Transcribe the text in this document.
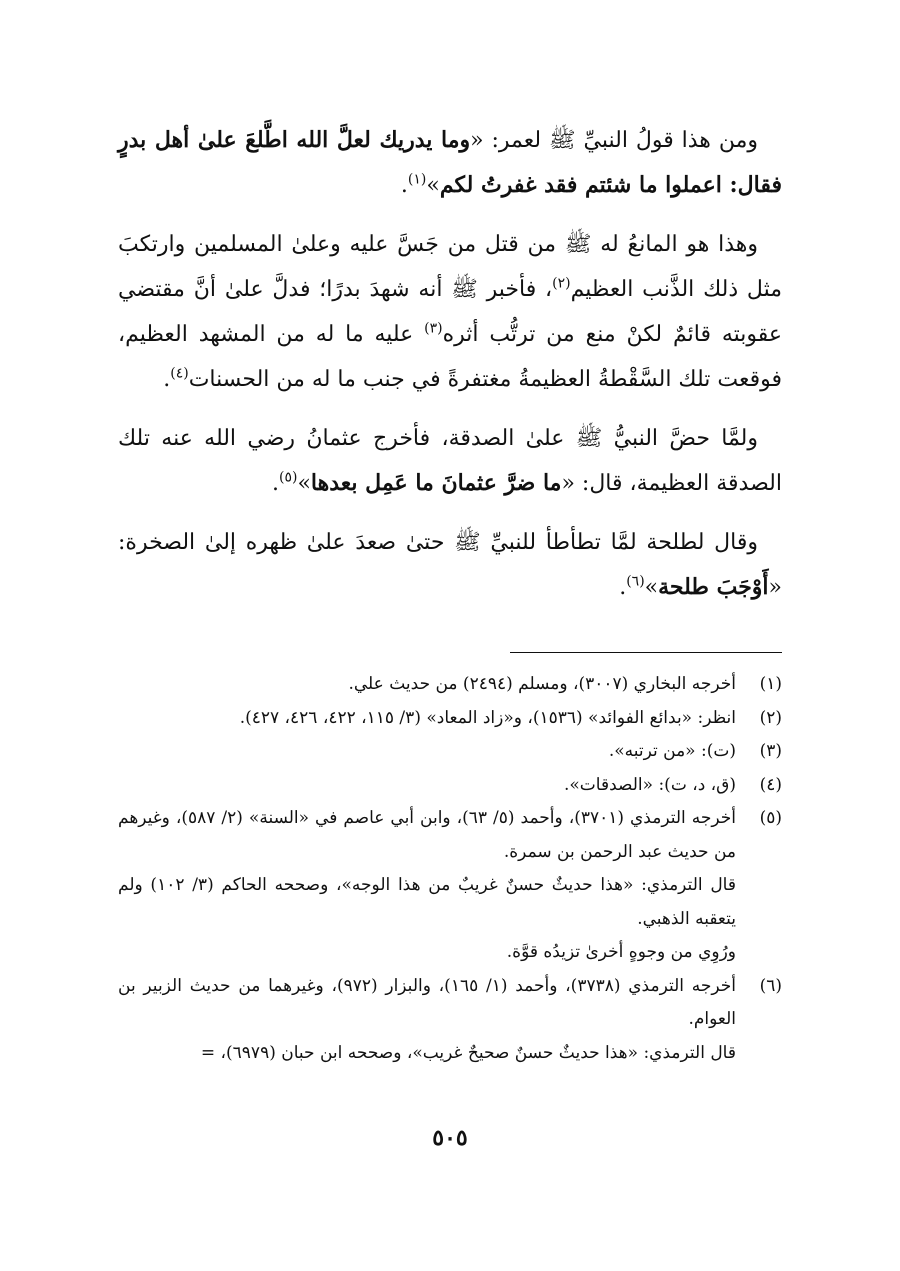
ومن هذا قولُ النبيِّ ﷺ لعمر: «وما يدريك لعلَّ الله اطَّلعَ علىٰ أهل بدرٍ فقال: اعملوا ما شئتم فقد غفرتُ لكم»$^{(١)}$.

وهذا هو المانعُ له ﷺ من قتل من جَسَّ عليه وعلىٰ المسلمين وارتكبَ مثل ذلك الذَّنب العظيم$^{(٢)}$، فأخبر ﷺ أنه شهدَ بدرًا؛ فدلَّ علىٰ أنَّ مقتضي عقوبته قائمٌ لكنْ منع من ترتُّب أثره$^{(٣)}$ عليه ما له من المشهد العظيم، فوقعت تلك السَّقْطةُ العظيمةُ مغتفرةً في جنب ما له من الحسنات$^{(٤)}$.

ولمَّا حضَّ النبيُّ ﷺ علىٰ الصدقة، فأخرج عثمانُ رضي الله عنه تلك الصدقة العظيمة، قال: «ما ضرَّ عثمانَ ما عَمِل بعدها»$^{(٥)}$.

وقال لطلحة لمَّا تطأطأ للنبيِّ ﷺ حتىٰ صعدَ علىٰ ظهره إلىٰ الصخرة: «أَوْجَبَ طلحة»$^{(٦)}$.

(١)

أخرجه البخاري (٣٠٠٧)، ومسلم (٢٤٩٤) من حديث علي.

(٢)

انظر: «بدائع الفوائد» (١٥٣٦)، و«زاد المعاد» (٣/ ١١٥، ٤٢٢، ٤٢٦، ٤٢٧).

(٣)

(ت): «من ترتبه».

(٤)

(ق، د، ت): «الصدقات».

(٥)

أخرجه الترمذي (٣٧٠١)، وأحمد (٥/ ٦٣)، وابن أبي عاصم في «السنة» (٢/ ٥٨٧)، وغيرهم من حديث عبد الرحمن بن سمرة.

قال الترمذي: «هذا حديثٌ حسنٌ غريبٌ من هذا الوجه»، وصححه الحاكم (٣/ ١٠٢) ولم يتعقبه الذهبي.

ورُوِي من وجوهٍ أخرىٰ تزيدُه قوَّة.

(٦)

أخرجه الترمذي (٣٧٣٨)، وأحمد (١/ ١٦٥)، والبزار (٩٧٢)، وغيرهما من حديث الزبير بن العوام.

قال الترمذي: «هذا حديثٌ حسنٌ صحيحٌ غريب»، وصححه ابن حبان (٦٩٧٩)، =

٥٠٥
